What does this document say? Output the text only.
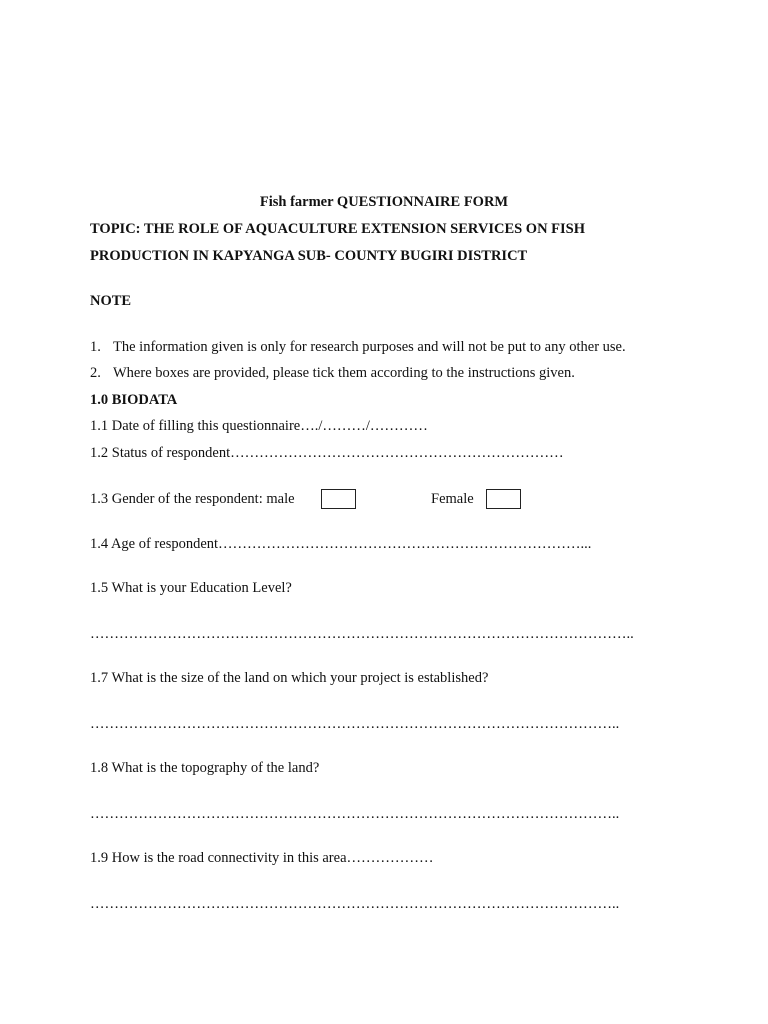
Fish farmer QUESTIONNAIRE FORM
TOPIC: THE ROLE OF AQUACULTURE EXTENSION SERVICES ON FISH
PRODUCTION IN KAPYANGA SUB- COUNTY BUGIRI DISTRICT
NOTE
1. The information given is only for research purposes and will not be put to any other use.
2. Where boxes are provided, please tick them according to the instructions given.
1.0 BIODATA
1.1 Date of filling this questionnaire…./………/…………
1.2 Status of respondent……………………………………………………………
1.3 Gender of the respondent: male	Female
1.4 Age of respondent…………………………………………………………………...
1.5 What is your Education Level?
…………………………………………………………………………………………………..
1.7 What is the size of the land on which your project is established?
………………………………………………………………………………………………..
1.8 What is the topography of the land?
………………………………………………………………………………………………..
1.9 How is the road connectivity in this area………………
………………………………………………………………………………………………..
